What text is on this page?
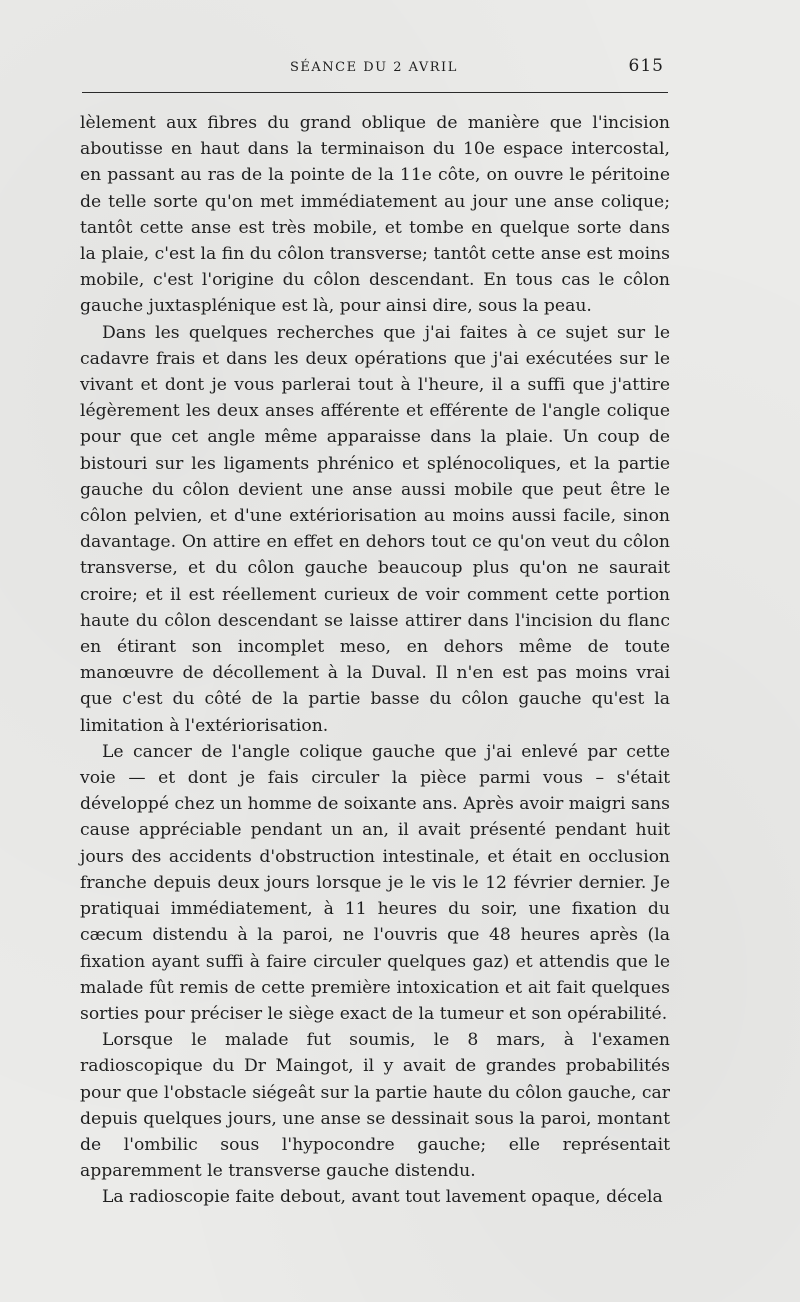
SÉANCE DU 2 AVRIL	615

lèlement aux fibres du grand oblique de manière que l'incision aboutisse en haut dans la terminaison du 10e espace intercostal, en passant au ras de la pointe de la 11e côte, on ouvre le péritoine de telle sorte qu'on met immédiatement au jour une anse colique; tantôt cette anse est très mobile, et tombe en quelque sorte dans la plaie, c'est la fin du côlon transverse; tantôt cette anse est moins mobile, c'est l'origine du côlon descendant. En tous cas le côlon gauche juxtasplénique est là, pour ainsi dire, sous la peau.

Dans les quelques recherches que j'ai faites à ce sujet sur le cadavre frais et dans les deux opérations que j'ai exécutées sur le vivant et dont je vous parlerai tout à l'heure, il a suffi que j'attire légèrement les deux anses afférente et efférente de l'angle colique pour que cet angle même apparaisse dans la plaie. Un coup de bistouri sur les ligaments phrénico et splénocoliques, et la partie gauche du côlon devient une anse aussi mobile que peut être le côlon pelvien, et d'une extériorisation au moins aussi facile, sinon davantage. On attire en effet en dehors tout ce qu'on veut du côlon transverse, et du côlon gauche beaucoup plus qu'on ne saurait croire; et il est réellement curieux de voir comment cette portion haute du côlon descendant se laisse attirer dans l'incision du flanc en étirant son incomplet meso, en dehors même de toute manœuvre de décollement à la Duval. Il n'en est pas moins vrai que c'est du côté de la partie basse du côlon gauche qu'est la limitation à l'extériorisation.

Le cancer de l'angle colique gauche que j'ai enlevé par cette voie — et dont je fais circuler la pièce parmi vous – s'était développé chez un homme de soixante ans. Après avoir maigri sans cause appréciable pendant un an, il avait présenté pendant huit jours des accidents d'obstruction intestinale, et était en occlusion franche depuis deux jours lorsque je le vis le 12 février dernier. Je pratiquai immédiatement, à 11 heures du soir, une fixation du cæcum distendu à la paroi, ne l'ouvris que 48 heures après (la fixation ayant suffi à faire circuler quelques gaz) et attendis que le malade fût remis de cette première intoxication et ait fait quelques sorties pour préciser le siège exact de la tumeur et son opérabilité.

Lorsque le malade fut soumis, le 8 mars, à l'examen radioscopique du Dr Maingot, il y avait de grandes probabilités pour que l'obstacle siégeât sur la partie haute du côlon gauche, car depuis quelques jours, une anse se dessinait sous la paroi, montant de l'ombilic sous l'hypocondre gauche; elle représentait apparemment le transverse gauche distendu.

La radioscopie faite debout, avant tout lavement opaque, décela
